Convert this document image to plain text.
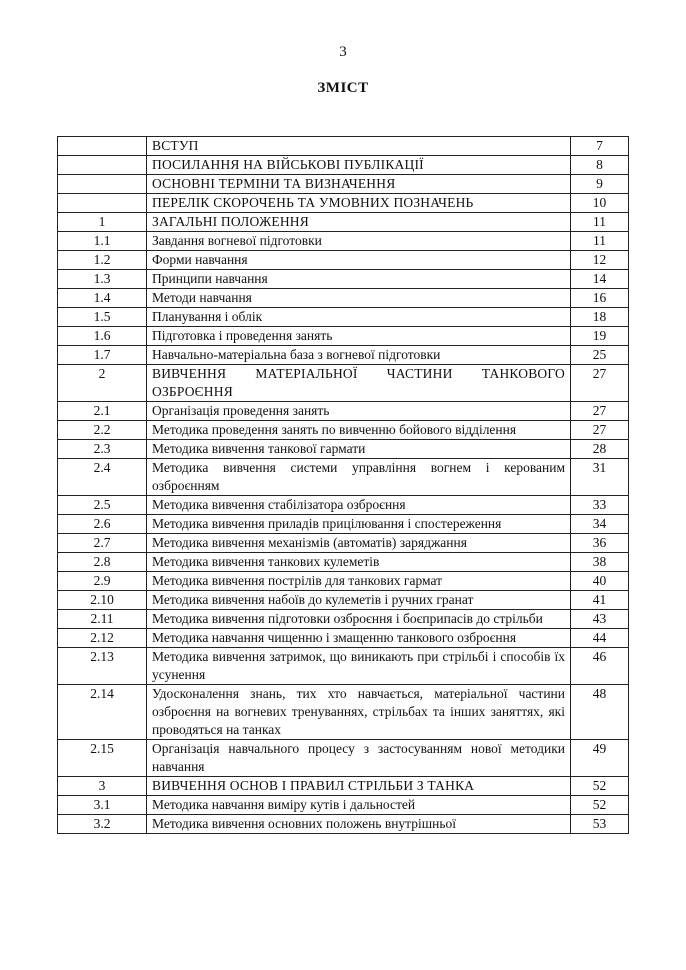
3
ЗМІСТ
	ВСТУП	7
	ПОСИЛАННЯ НА ВІЙСЬКОВІ ПУБЛІКАЦІЇ	8
	ОСНОВНІ ТЕРМІНИ ТА ВИЗНАЧЕННЯ	9
	ПЕРЕЛІК СКОРОЧЕНЬ ТА УМОВНИХ ПОЗНАЧЕНЬ	10
1	ЗАГАЛЬНІ ПОЛОЖЕННЯ	11
1.1	Завдання вогневої підготовки	11
1.2	Форми навчання	12
1.3	Принципи навчання	14
1.4	Методи навчання	16
1.5	Планування і облік	18
1.6	Підготовка і проведення занять	19
1.7	Навчально-матеріальна база з вогневої підготовки	25
2	ВИВЧЕННЯ МАТЕРІАЛЬНОЇ ЧАСТИНИ ТАНКОВОГО ОЗБРОЄННЯ	27
2.1	Організація проведення занять	27
2.2	Методика проведення занять по вивченню бойового відділення	27
2.3	Методика вивчення танкової гармати	28
2.4	Методика вивчення системи управління вогнем і керованим озброєнням	31
2.5	Методика вивчення стабілізатора озброєння	33
2.6	Методика вивчення приладів прицілювання і спостереження	34
2.7	Методика вивчення механізмів (автоматів) заряджання	36
2.8	Методика вивчення танкових кулеметів	38
2.9	Методика вивчення пострілів для танкових гармат	40
2.10	Методика вивчення набоїв до кулеметів і ручних гранат	41
2.11	Методика вивчення підготовки озброєння і боєприпасів до стрільби	43
2.12	Методика навчання чищенню і змащенню танкового озброєння	44
2.13	Методика вивчення затримок, що виникають при стрільбі і способів їх усунення	46
2.14	Удосконалення знань, тих хто навчається, матеріальної частини озброєння на вогневих тренуваннях, стрільбах та інших заняттях, які проводяться на танках	48
2.15	Організація навчального процесу з застосуванням нової методики навчання	49
3	ВИВЧЕННЯ ОСНОВ І ПРАВИЛ СТРІЛЬБИ З ТАНКА	52
3.1	Методика навчання виміру кутів і дальностей	52
3.2	Методика вивчення основних положень внутрішньої	53
